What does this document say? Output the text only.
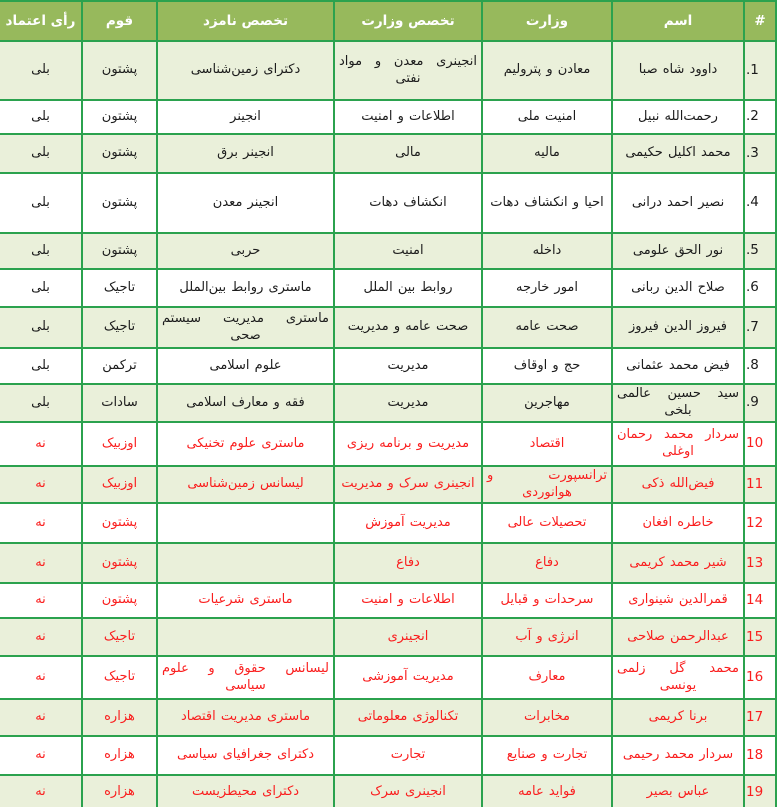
#	اسم	وزارت	تخصص وزارت	تخصص نامزد	قوم	رأی اعتماد
1.	داوود شاه صبا	معادن و پترولیم	انجینری معدن و مواد نفتی	دکترای زمین‌شناسی	پشتون	بلی
2.	رحمت‌الله نبیل	امنیت ملی	اطلاعات و امنیت	انجینر	پشتون	بلی
3.	محمد اکلیل حکیمی	مالیه	مالی	انجینر برق	پشتون	بلی
4.	نصیر احمد درانی	احیا و انکشاف دهات	انکشاف دهات	انجینر معدن	پشتون	بلی
5.	نور الحق علومی	داخله	امنیت	حربی	پشتون	بلی
6.	صلاح الدین ربانی	امور خارجه	روابط بین الملل	ماستری روابط بین‌الملل	تاجیک	بلی
7.	فیروز الدین فیروز	صحت عامه	صحت عامه و مدیریت	ماستری مدیریت سیستم صحی	تاجیک	بلی
8.	فیض محمد عثمانی	حج و اوقاف	مدیریت	علوم اسلامی	ترکمن	بلی
9.	سید حسین عالمی بلخی	مهاجرین	مدیریت	فقه و معارف اسلامی	سادات	بلی
10	سردار محمد رحمان اوغلی	اقتصاد	مدیریت و برنامه ریزی	ماستری علوم تخنیکی	اوزبیک	نه
11	فیض‌الله ذکی	ترانسپورت و هوانوردی	انجینری سرک و مدیریت	لیسانس زمین‌شناسی	اوزبیک	نه
12	خاطره افغان	تحصیلات عالی	مدیریت آموزش		پشتون	نه
13	شیر محمد کریمی	دفاع	دفاع		پشتون	نه
14	قمرالدین شینواری	سرحدات و قبایل	اطلاعات و امنیت	ماستری شرعیات	پشتون	نه
15	عبدالرحمن صلاحی	انرژی و آب	انجینری		تاجیک	نه
16	محمد گل زلمی یونسی	معارف	مدیریت آموزشی	لیسانس حقوق و علوم سیاسی	تاجیک	نه
17	برنا کریمی	مخابرات	تکنالوژی معلوماتی	ماستری مدیریت اقتصاد	هزاره	نه
18	سردار محمد رحیمی	تجارت و صنایع	تجارت	دکترای جغرافیای سیاسی	هزاره	نه
19	عباس بصیر	فواید عامه	انجینری سرک	دکترای محیطزیست	هزاره	نه
